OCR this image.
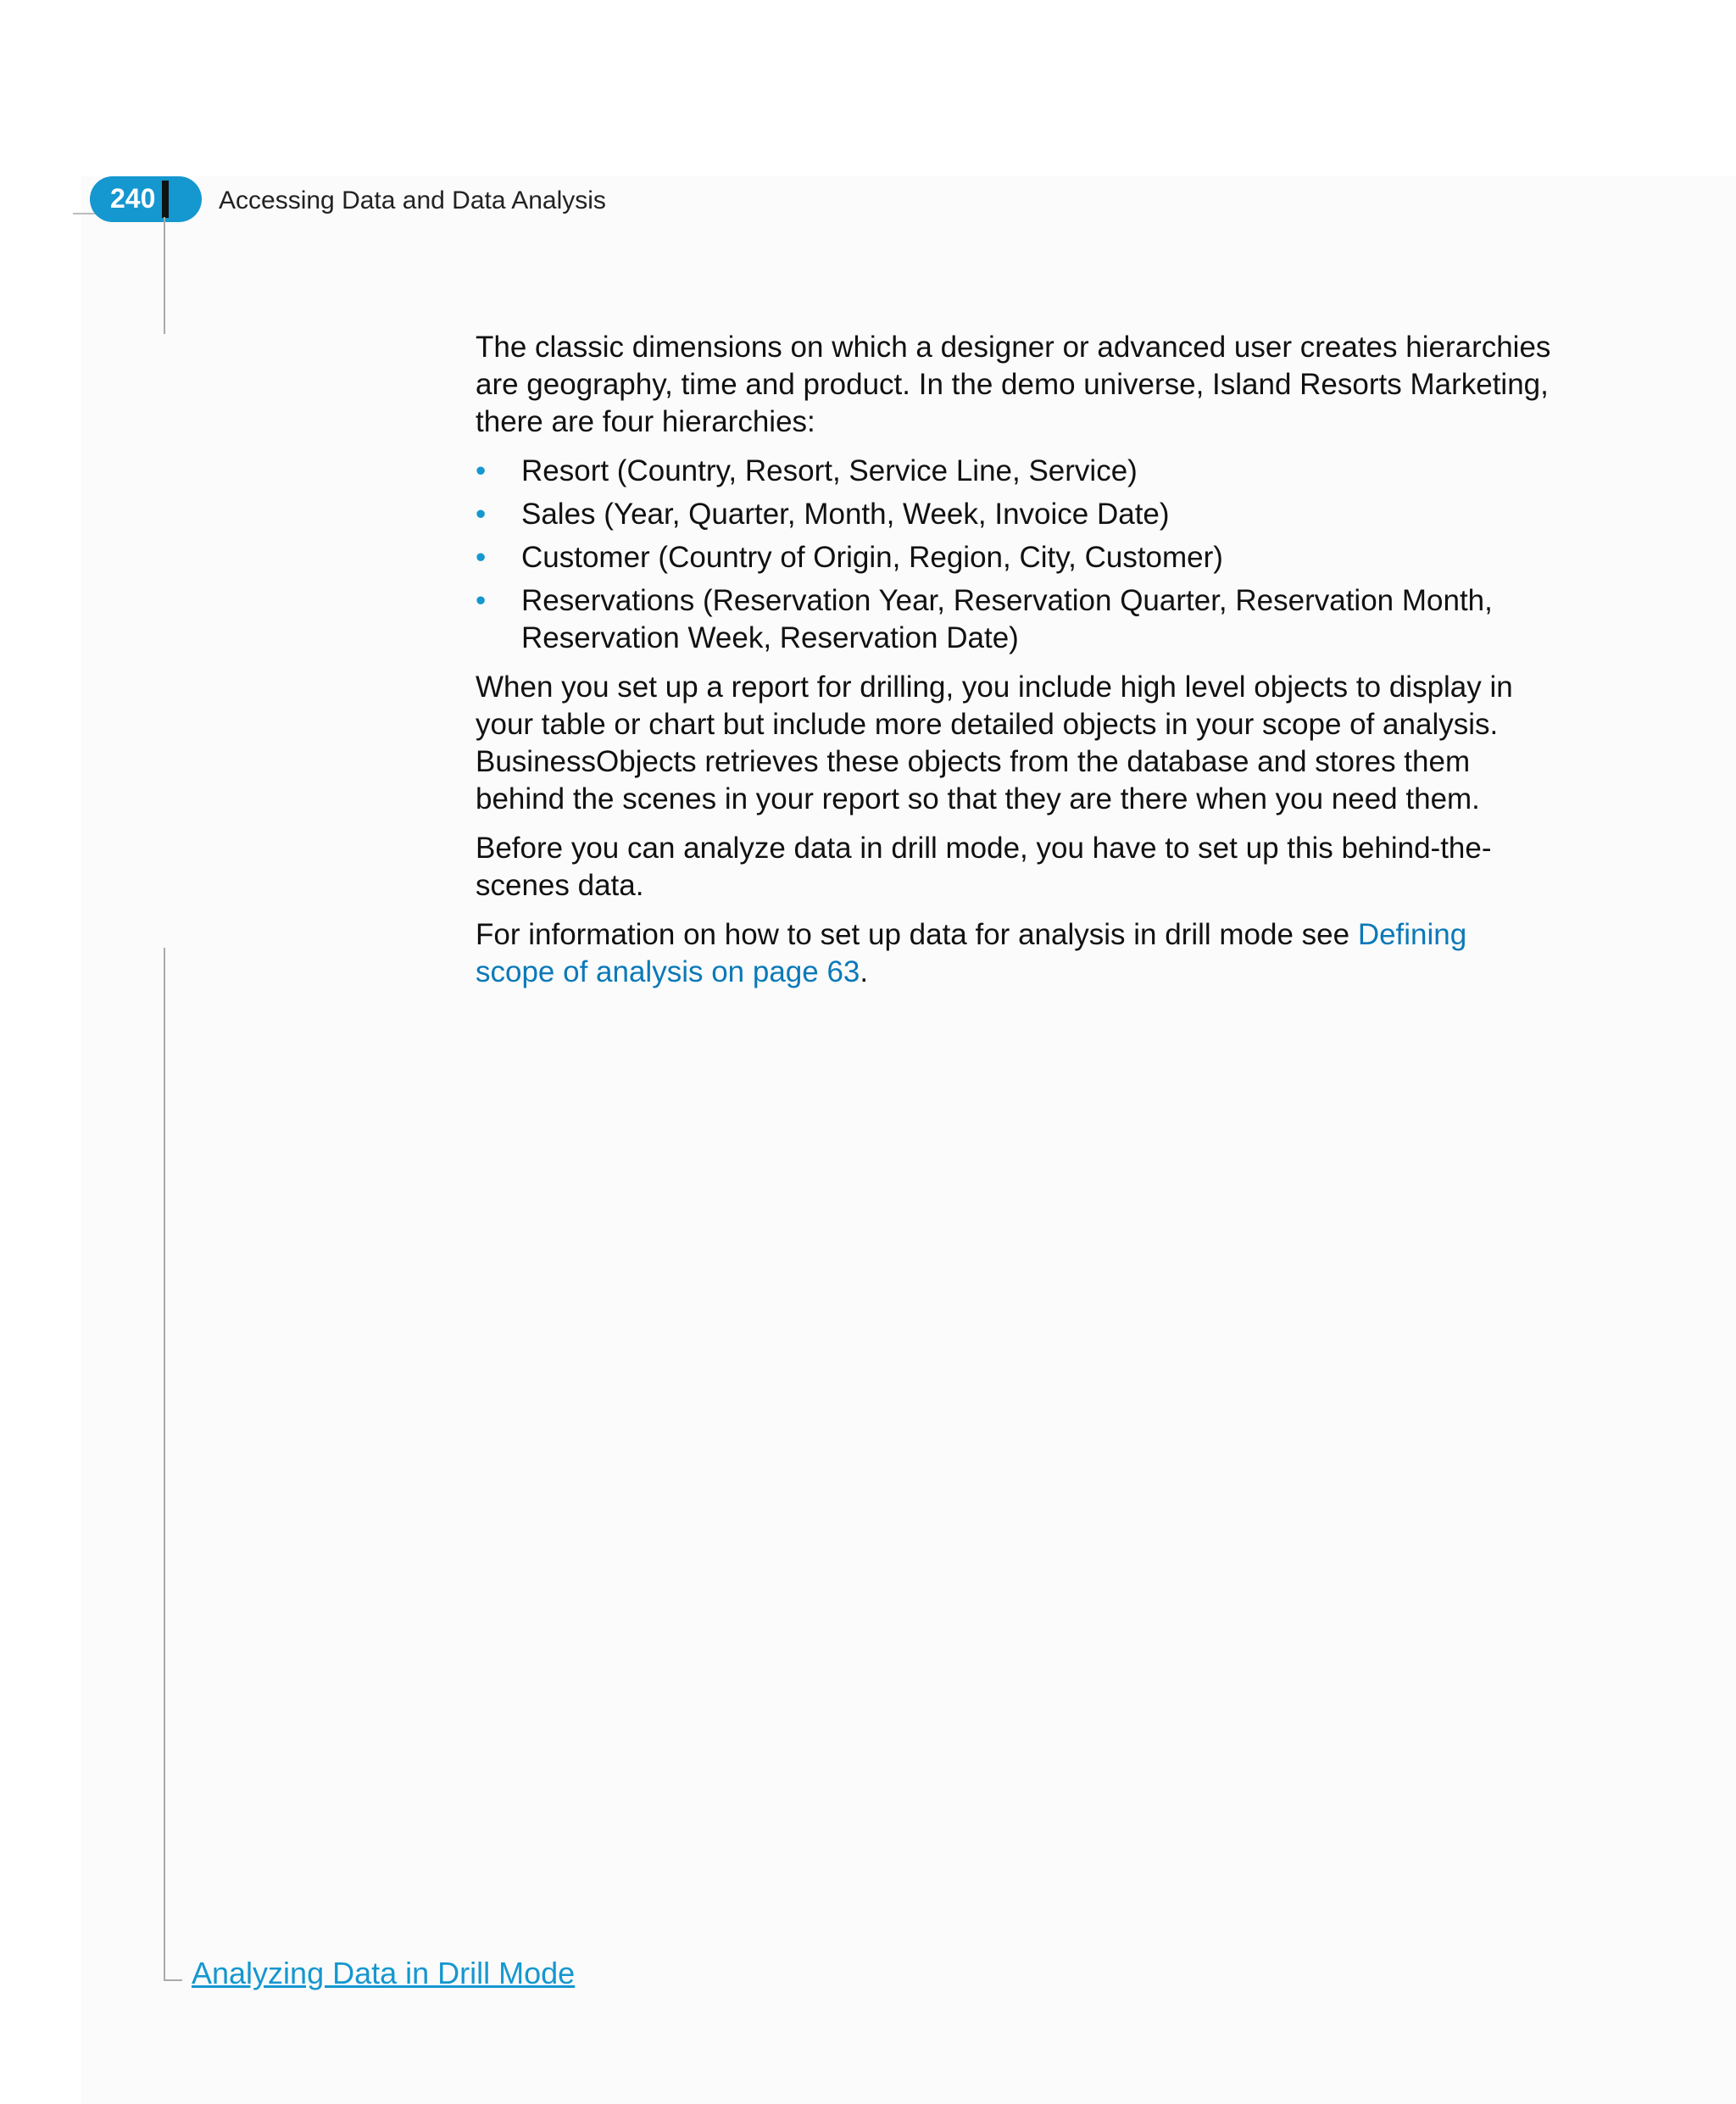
240 Accessing Data and Data Analysis

The classic dimensions on which a designer or advanced user creates hierarchies are geography, time and product. In the demo universe, Island Resorts Marketing, there are four hierarchies:

•	Resort (Country, Resort, Service Line, Service)
•	Sales (Year, Quarter, Month, Week, Invoice Date)
•	Customer (Country of Origin, Region, City, Customer)
•	Reservations (Reservation Year, Reservation Quarter, Reservation Month, Reservation Week, Reservation Date)

When you set up a report for drilling, you include high level objects to display in your table or chart but include more detailed objects in your scope of analysis. BusinessObjects retrieves these objects from the database and stores them behind the scenes in your report so that they are there when you need them.

Before you can analyze data in drill mode, you have to set up this behind-the-scenes data.

For information on how to set up data for analysis in drill mode see Defining scope of analysis on page 63.

Analyzing Data in Drill Mode
